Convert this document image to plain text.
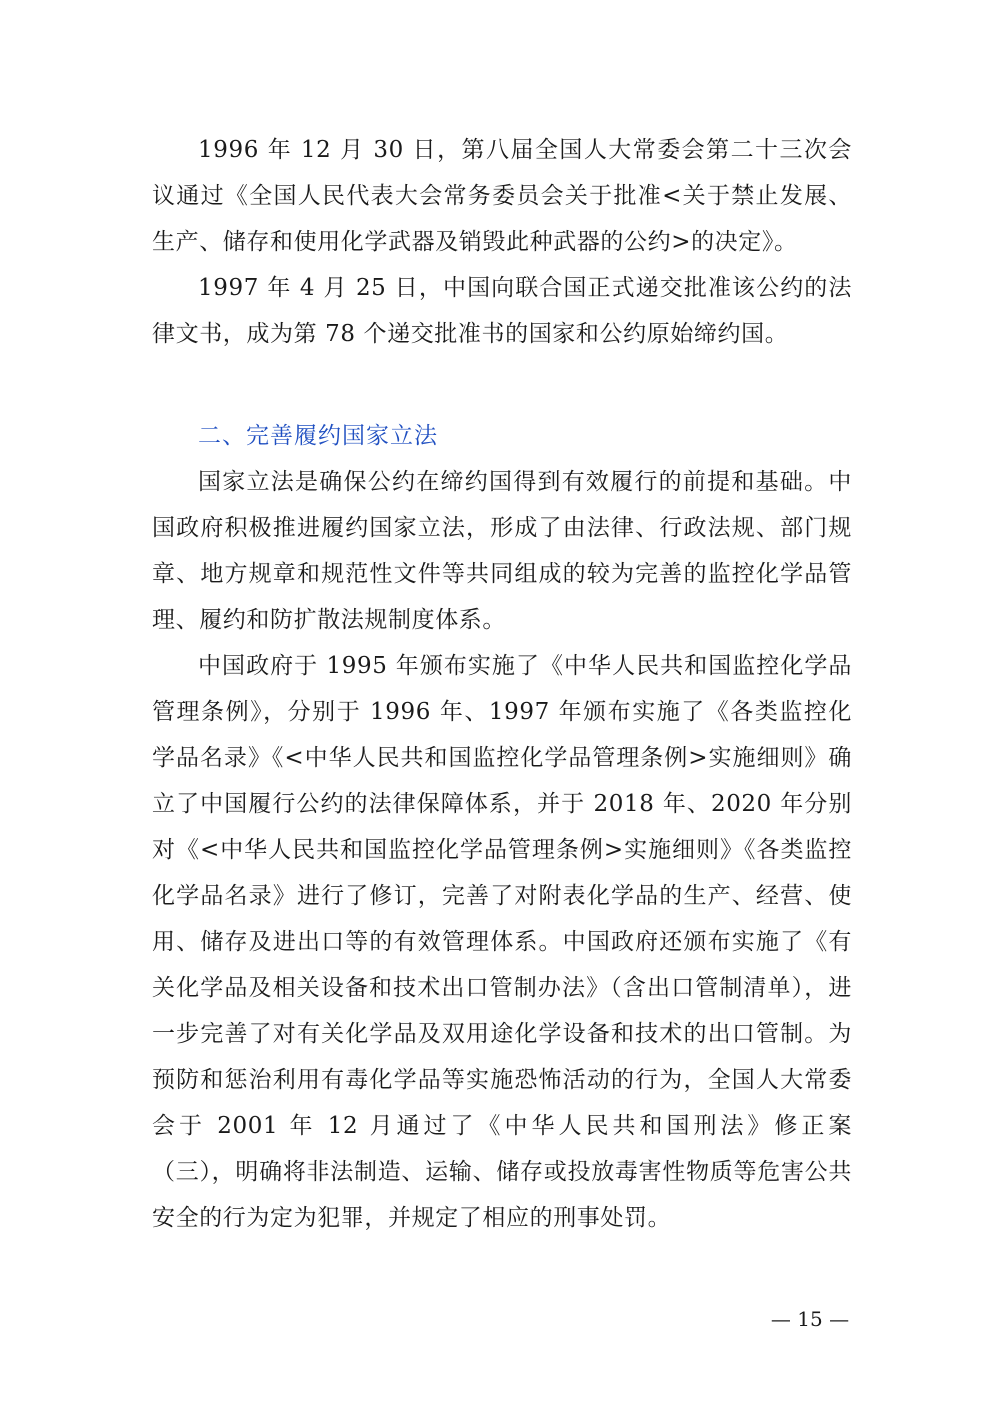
1996 年 12 月 30 日，第八届全国人大常委会第二十三次会议通过《全国人民代表大会常务委员会关于批准<关于禁止发展、生产、储存和使用化学武器及销毁此种武器的公约>的决定》。

1997 年 4 月 25 日，中国向联合国正式递交批准该公约的法律文书，成为第 78 个递交批准书的国家和公约原始缔约国。

二、完善履约国家立法

国家立法是确保公约在缔约国得到有效履行的前提和基础。中国政府积极推进履约国家立法，形成了由法律、行政法规、部门规章、地方规章和规范性文件等共同组成的较为完善的监控化学品管理、履约和防扩散法规制度体系。

中国政府于 1995 年颁布实施了《中华人民共和国监控化学品管理条例》，分别于 1996 年、1997 年颁布实施了《各类监控化学品名录》《<中华人民共和国监控化学品管理条例>实施细则》确立了中国履行公约的法律保障体系，并于 2018 年、2020 年分别对《<中华人民共和国监控化学品管理条例>实施细则》《各类监控化学品名录》进行了修订，完善了对附表化学品的生产、经营、使用、储存及进出口等的有效管理体系。中国政府还颁布实施了《有关化学品及相关设备和技术出口管制办法》（含出口管制清单），进一步完善了对有关化学品及双用途化学设备和技术的出口管制。为预防和惩治利用有毒化学品等实施恐怖活动的行为，全国人大常委会于 2001 年 12 月通过了《中华人民共和国刑法》修正案（三），明确将非法制造、运输、储存或投放毒害性物质等危害公共安全的行为定为犯罪，并规定了相应的刑事处罚。

— 15 —
